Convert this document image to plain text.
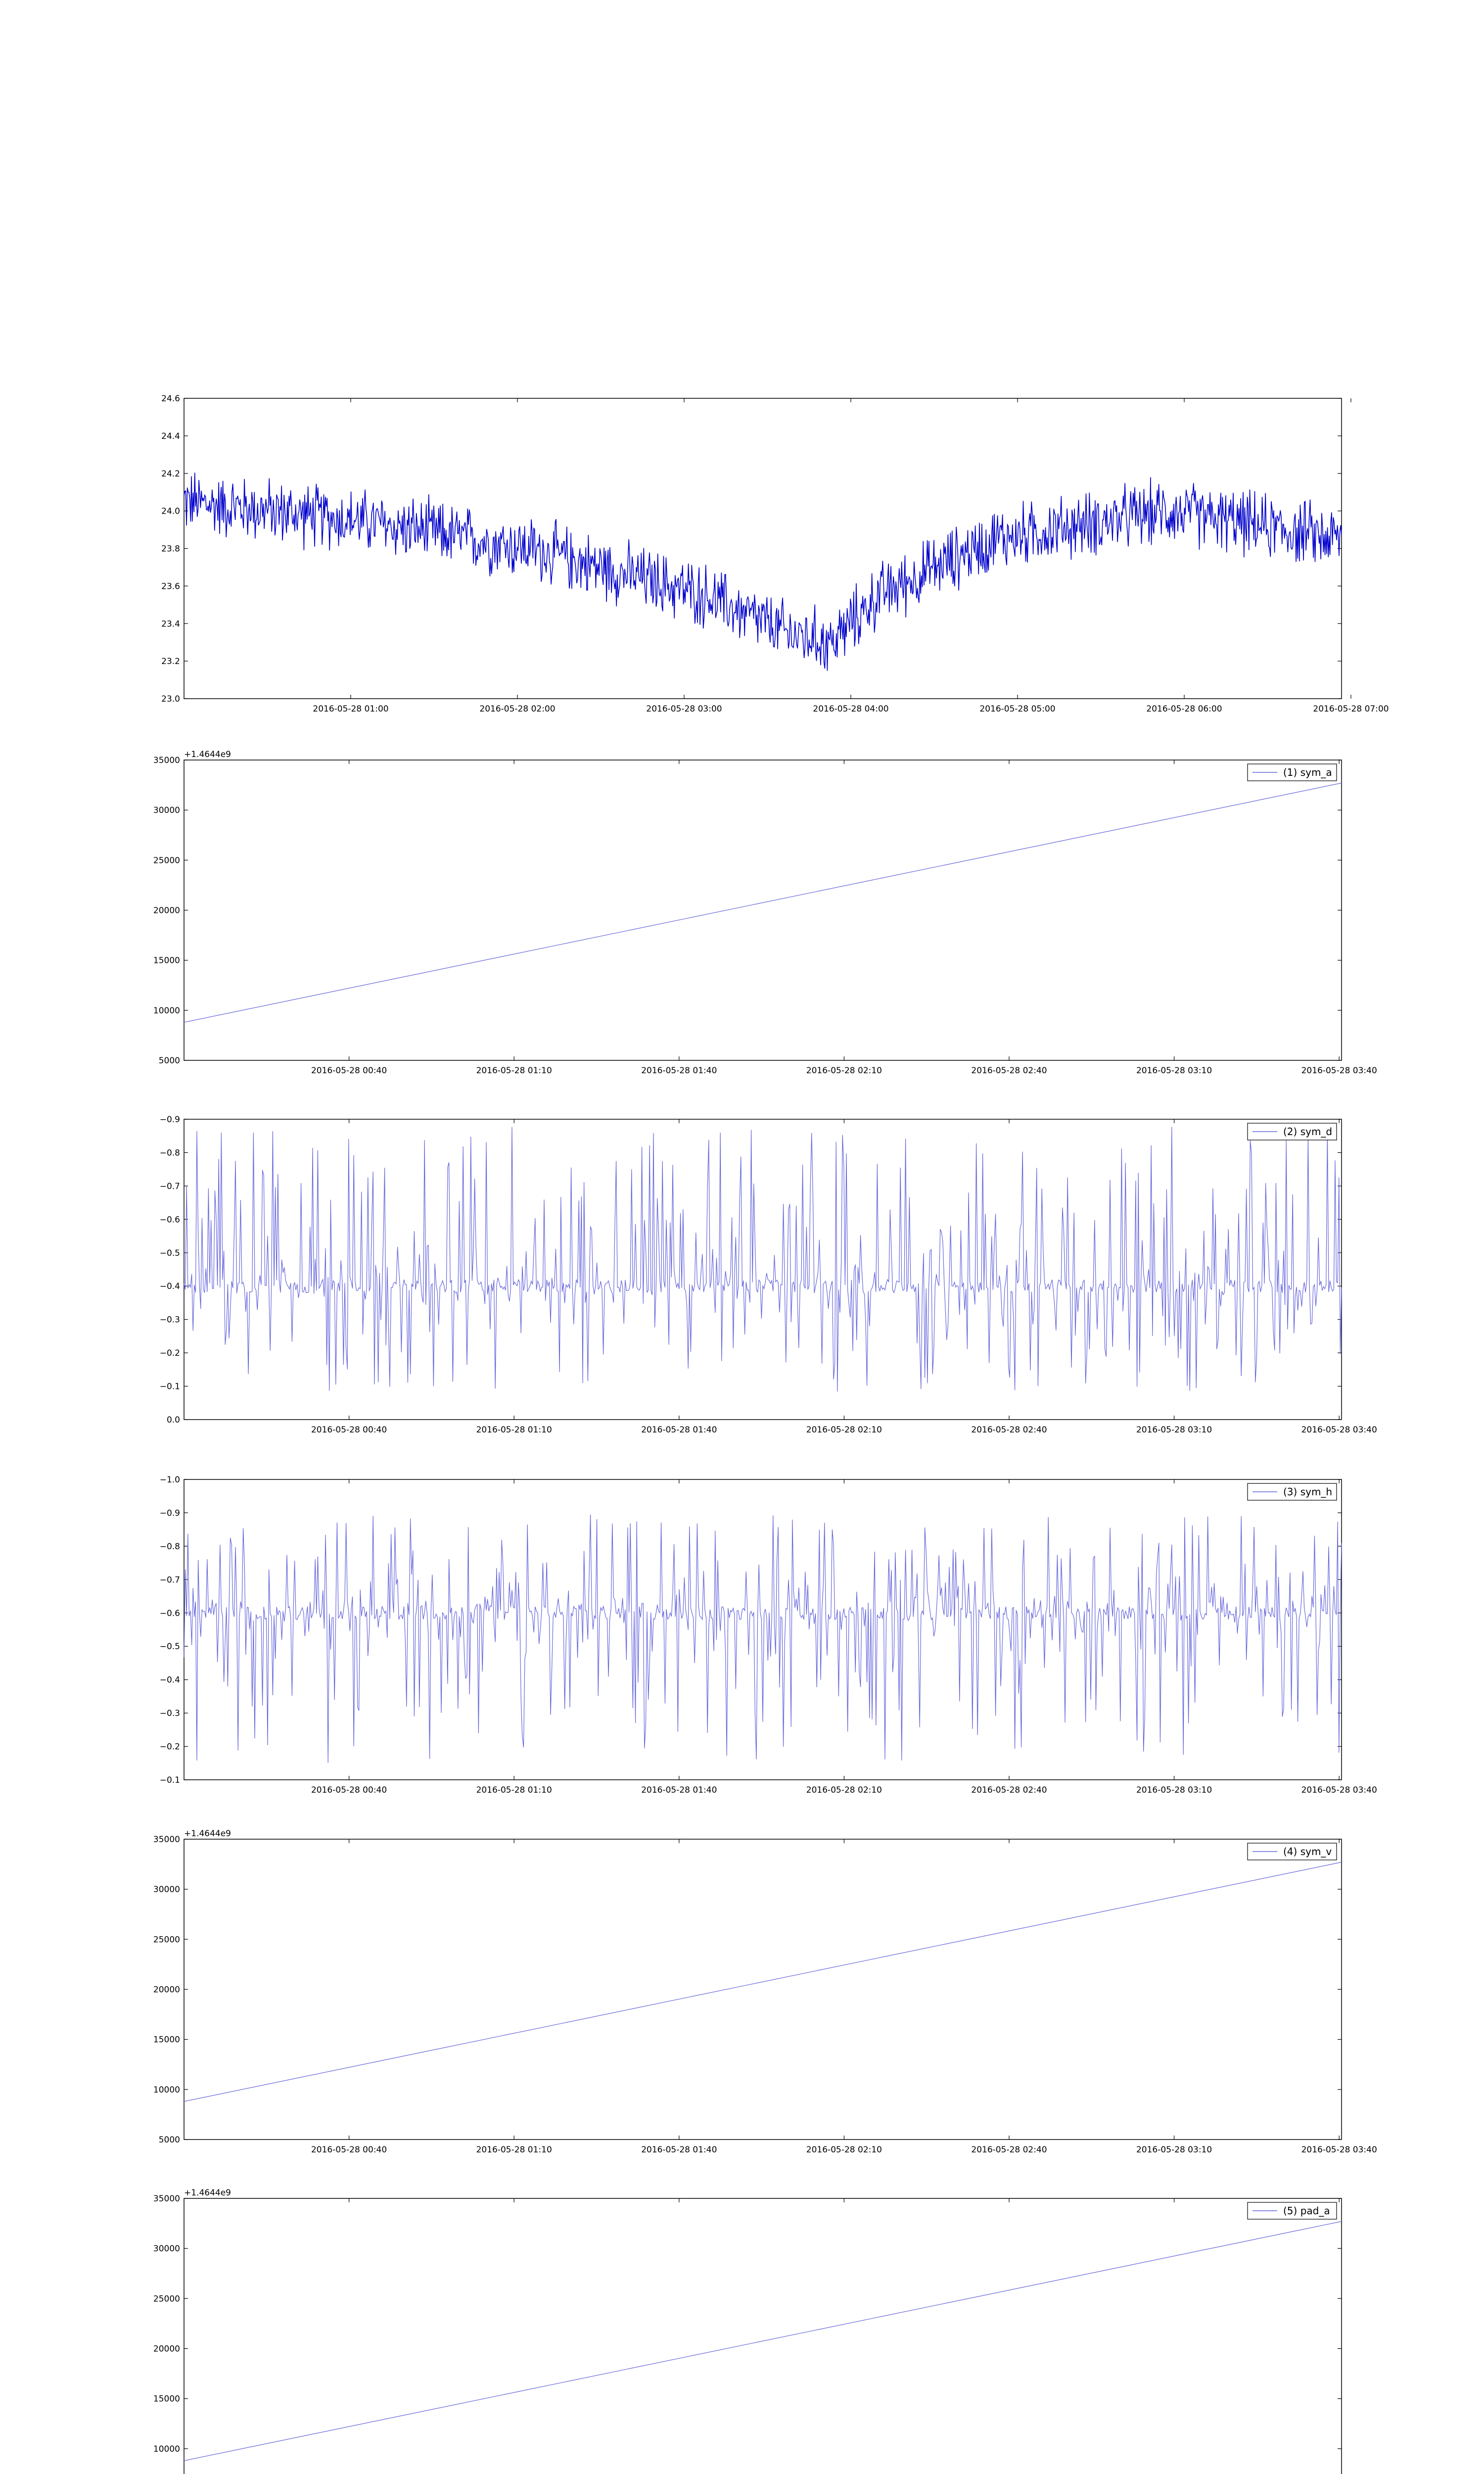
23.0
23.2
23.4
23.6
23.8
24.0
24.2
24.4
24.6
2016-05-28 01:00	2016-05-28 02:00	2016-05-28 03:00	2016-05-28 04:00	2016-05-28 05:00	2016-05-28 06:00	2016-05-28 07:00
5000
10000
15000
20000
25000
30000
35000
2016-05-28 00:40	2016-05-28 01:10	2016-05-28 01:40	2016-05-28 02:10	2016-05-28 02:40	2016-05-28 03:10	2016-05-28 03:40
+1.4644e9
(1) sym_a
0.0
−0.1
−0.2
−0.3
−0.4
−0.5
−0.6
−0.7
−0.8
−0.9
2016-05-28 00:40	2016-05-28 01:10	2016-05-28 01:40	2016-05-28 02:10	2016-05-28 02:40	2016-05-28 03:10	2016-05-28 03:40
(2) sym_d
−0.1
−0.2
−0.3
−0.4
−0.5
−0.6
−0.7
−0.8
−0.9
−1.0
2016-05-28 00:40	2016-05-28 01:10	2016-05-28 01:40	2016-05-28 02:10	2016-05-28 02:40	2016-05-28 03:10	2016-05-28 03:40
(3) sym_h
5000
10000
15000
20000
25000
30000
35000
2016-05-28 00:40	2016-05-28 01:10	2016-05-28 01:40	2016-05-28 02:10	2016-05-28 02:40	2016-05-28 03:10	2016-05-28 03:40
+1.4644e9
(4) sym_v
10000
15000
20000
25000
30000
35000
+1.4644e9
(5) pad_a
